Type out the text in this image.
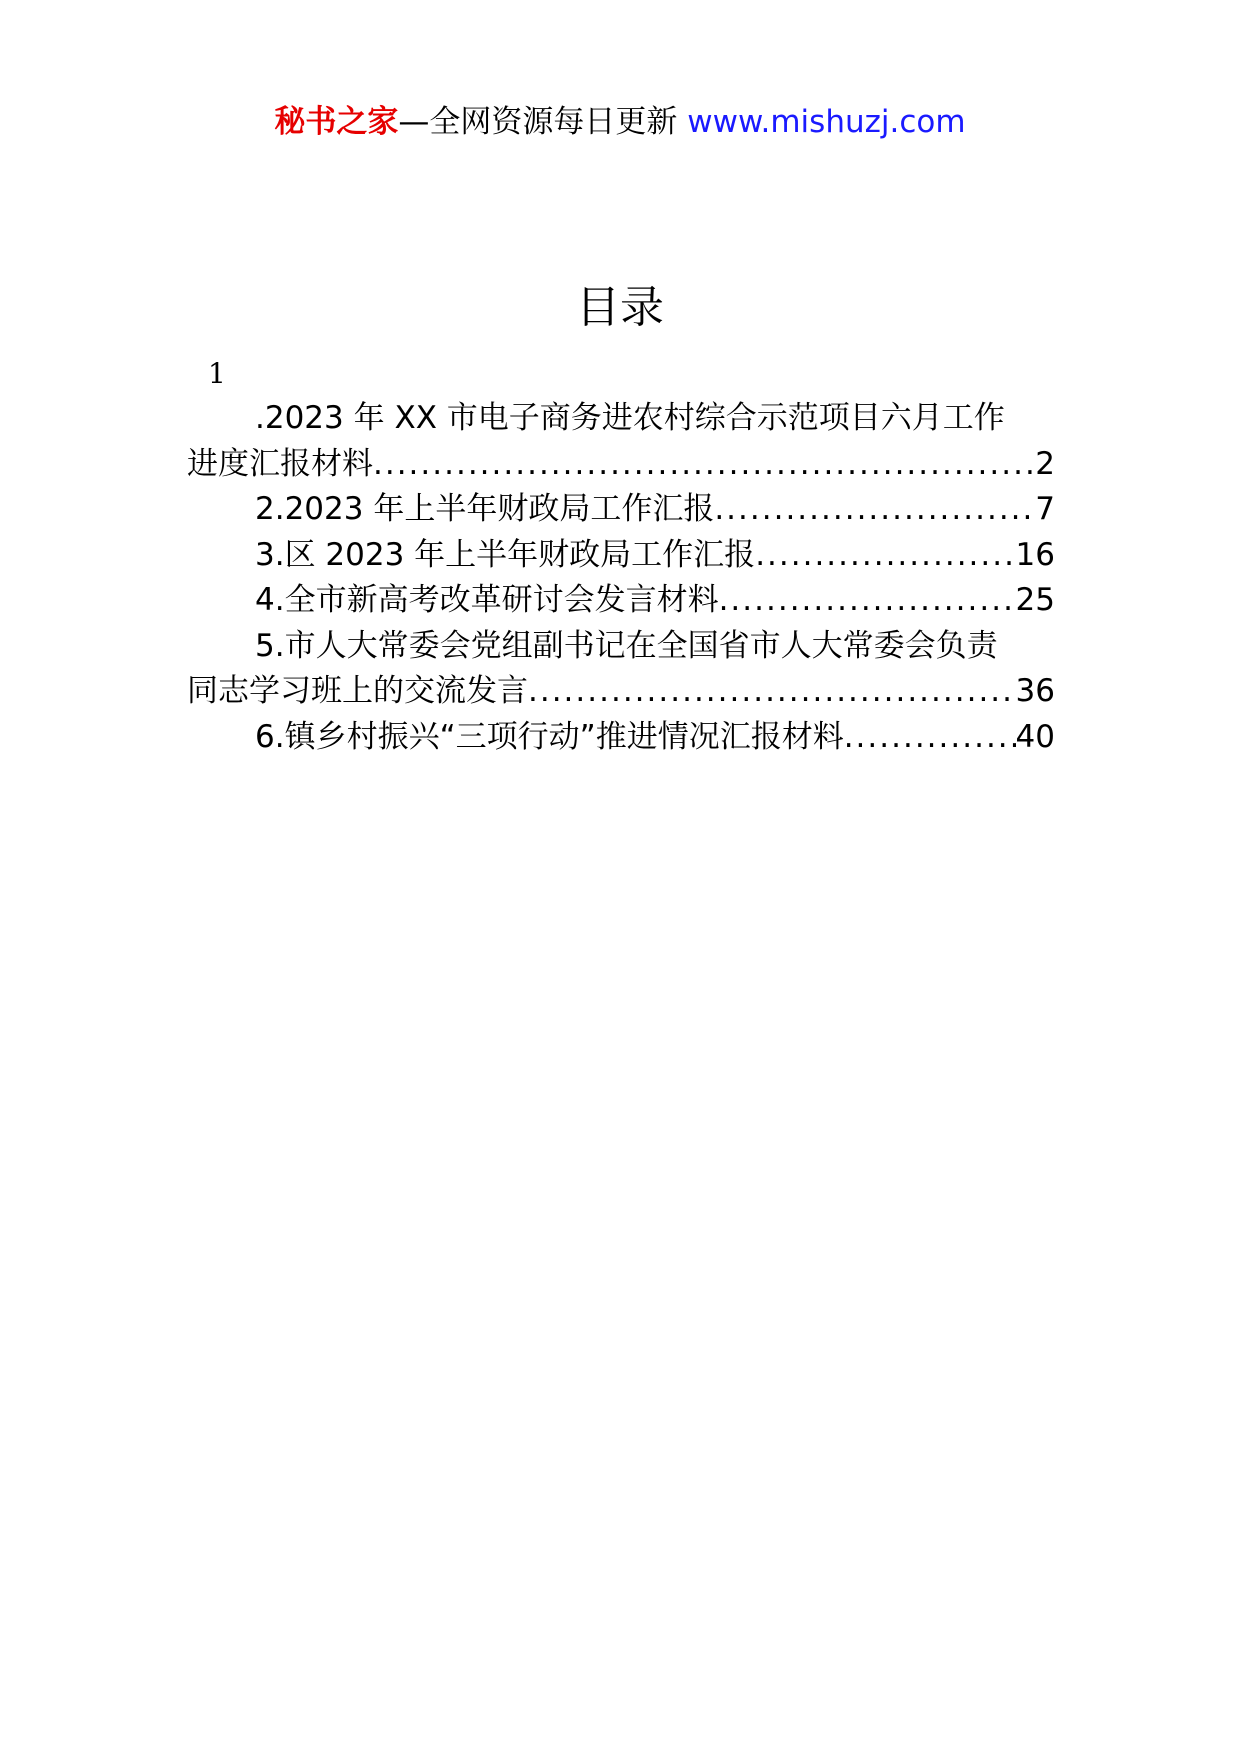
秘书之家—全网资源每日更新 www.mishuzj.com
目录
1
.2023 年 XX 市电子商务进农村综合示范项目六月工作
进度汇报材料 .....	2
2.2023 年上半年财政局工作汇报 .....	7
3.区 2023 年上半年财政局工作汇报 .....	16
4.全市新高考改革研讨会发言材料 .....	25
5.市人大常委会党组副书记在全国省市人大常委会负责
同志学习班上的交流发言 .....	36
6.镇乡村振兴“三项行动”推进情况汇报材料 .....	40
